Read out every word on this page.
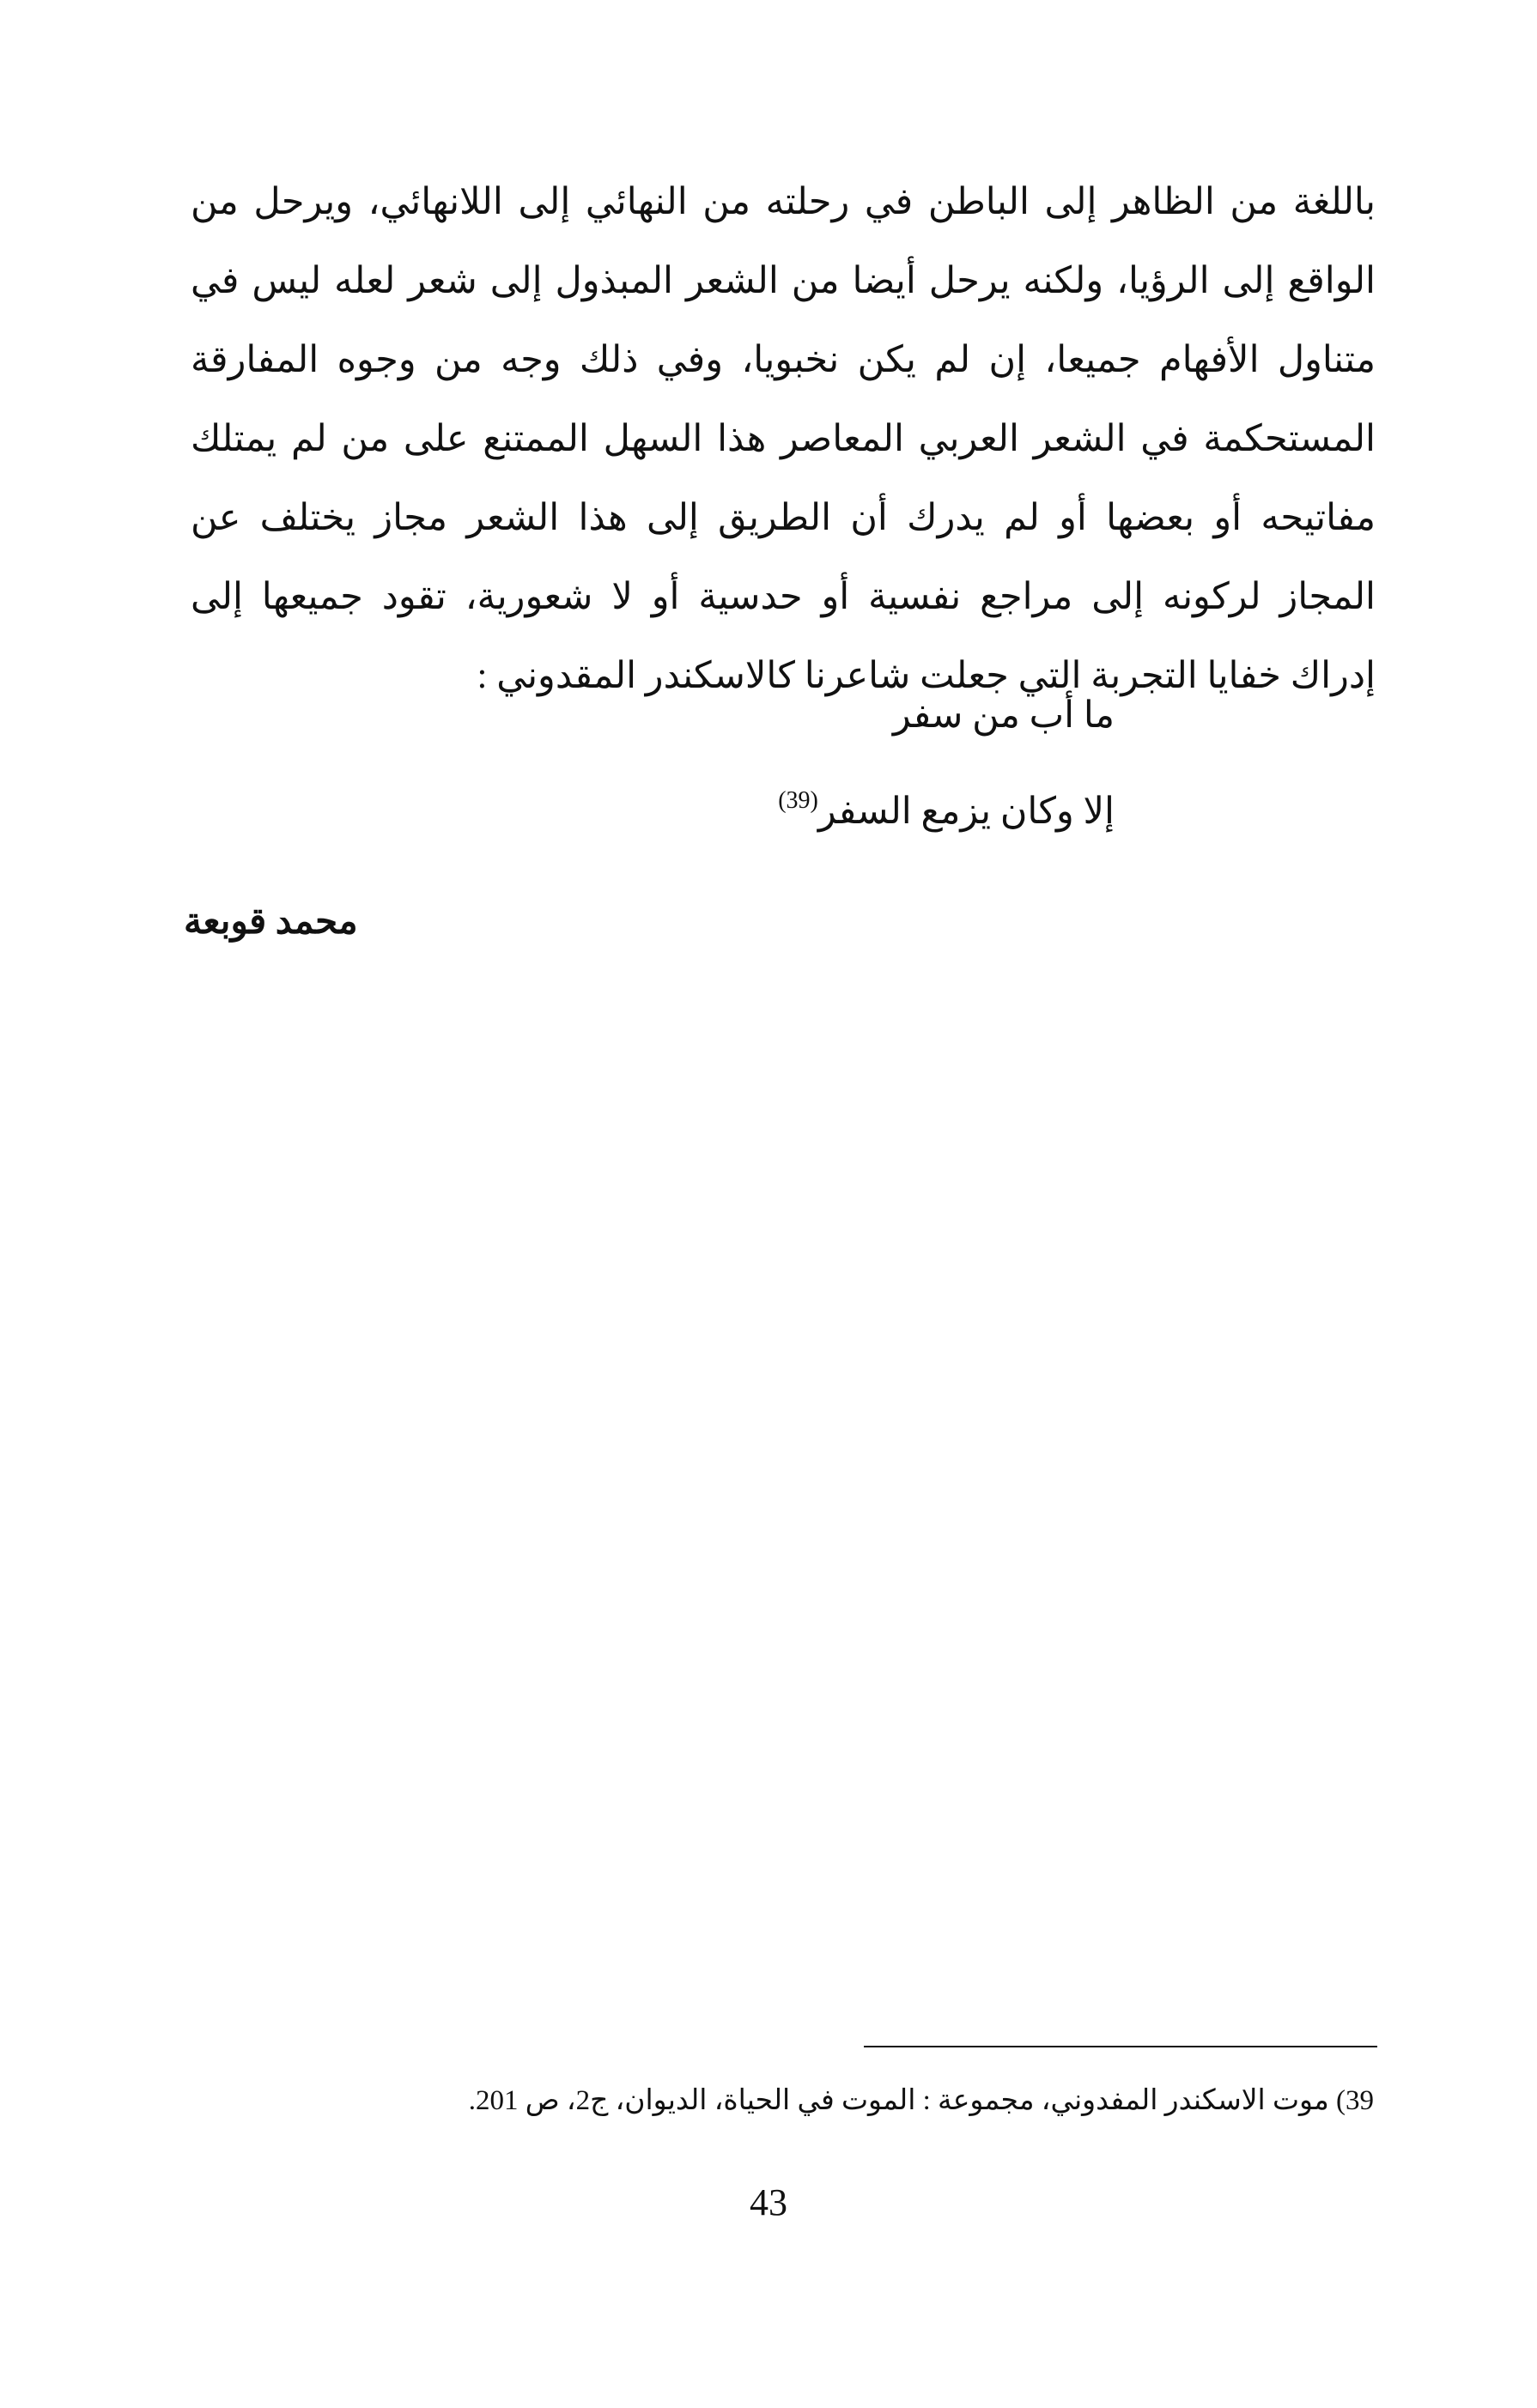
باللغة من الظاهر إلى الباطن في رحلته من النهائي إلى اللانهائي، ويرحل من
الواقع إلى الرؤيا، ولكنه يرحل أيضا من الشعر المبذول إلى شعر لعله ليس في
متناول الأفهام جميعا، إن لم يكن نخبويا، وفي ذلك وجه من وجوه المفارقة
المستحكمة في الشعر العربي المعاصر هذا السهل الممتنع على من لم يمتلك
مفاتيحه أو بعضها أو لم يدرك أن الطريق إلى هذا الشعر مجاز يختلف عن
المجاز لركونه إلى مراجع نفسية أو حدسية أو لا شعورية، تقود جميعها إلى
إدراك خفايا التجربة التي جعلت شاعرنا كالاسكندر المقدوني :
ما أب من سفر
إلا وكان يزمع السفر$^{(39)}$
محمد قوبعة
39) موت الاسكندر المفدوني، مجموعة : الموت في الحياة، الديوان، ج2، ص 201.
43
